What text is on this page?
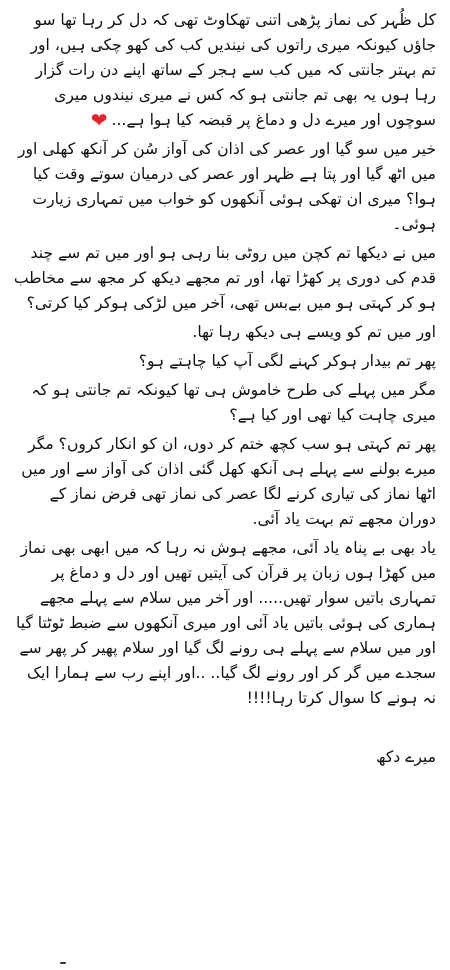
کل ظُہر کی نماز پڑھی اتنی تھکاوٹ تھی کہ دل کر رہا تھا سو جاؤں کیونکہ میری راتوں کی نیندیں کب کی کھو چکی ہیں، اور تم بہتر جانتی کہ میں کب سے ہجر کے ساتھ اپنے دن رات گزار رہا ہوں یہ بھی تم جانتی ہو کہ کس نے میری نیندوں میری سوچوں اور میرے دل و دماغ پر قبضہ کیا ہوا ہے...❤

خیر میں سو گیا اور عصر کی اذان کی آواز سُن کر آنکھ کھلی اور میں اٹھ گیا اور پتا ہے ظہر اور عصر کی درمیان سوتے وقت کیا ہوا؟ میری ان تھکی ہوئی آنکھوں کو خواب میں تمہاری زیارت ہوئی۔

میں نے دیکھا تم کچن میں روٹی بنا رہی ہو اور میں تم سے چند قدم کی دوری پر کھڑا تھا، اور تم مجھے دیکھ کر مجھ سے مخاطب ہو کر کہتی ہو میں بےبس تھی، آخر میں لڑکی ہوکر کیا کرتی؟

اور میں تم کو ویسے ہی دیکھ رہا تھا.

پھر تم بیدار ہوکر کہنے لگی آپ کیا چاہتے ہو؟

مگر میں پہلے کی طرح خاموش ہی تھا کیونکہ تم جانتی ہو کہ میری چاہت کیا تھی اور کیا ہے؟

پھر تم کہتی ہو سب کچھ ختم کر دوں، ان کو انکار کروں؟ مگر میرے بولنے سے پہلے ہی آنکھ کھل گئی اذان کی آواز سے اور میں اٹھا نماز کی تیاری کرنے لگا عصر کی نماز تھی فرض نماز کے دوران مجھے تم بہت یاد آئی.

یاد بھی بے پناہ یاد آئی، مجھے ہوش نہ رہا کہ میں ابھی بھی نماز میں کھڑا ہوں زبان پر قرآن کی آیتیں تھیں اور دل و دماغ پر تمہاری باتیں سوار تھیں..... اور آخر میں سلام سے پہلے مجھے ہماری کی ہوئی باتیں یاد آئی اور میری آنکھوں سے ضبط ٹوٹتا گیا اور میں سلام سے پہلے ہی رونے لگ گیا اور سلام پھیر کر پھر سے سجدے میں گر کر اور رونے لگ گیا.. ..اور اپنے رب سے ہمارا ایک نہ ہونے کا سوال کرتا رہا!!!!

میرے دکھ
